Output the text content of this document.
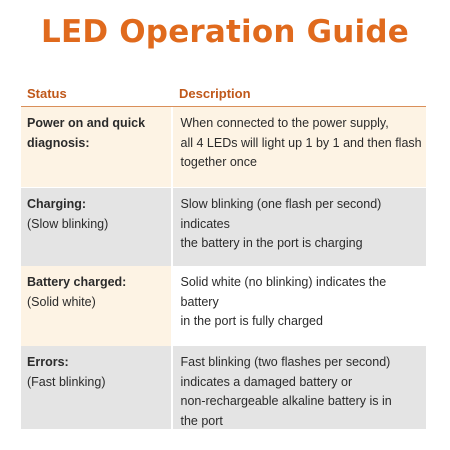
LED Operation Guide
Status	Description
Power on and quick
diagnosis:
When connected to the power supply,
all 4 LEDs will light up 1 by 1 and then flash
together once
Charging:
(Slow blinking)
Slow blinking (one flash per second) indicates
the battery in the port is charging
Battery charged:
(Solid white)
Solid white (no blinking) indicates the battery
in the port is fully charged
Errors:
(Fast blinking)
Fast blinking (two flashes per second)
indicates a damaged battery or
non-rechargeable alkaline battery is in
the port
